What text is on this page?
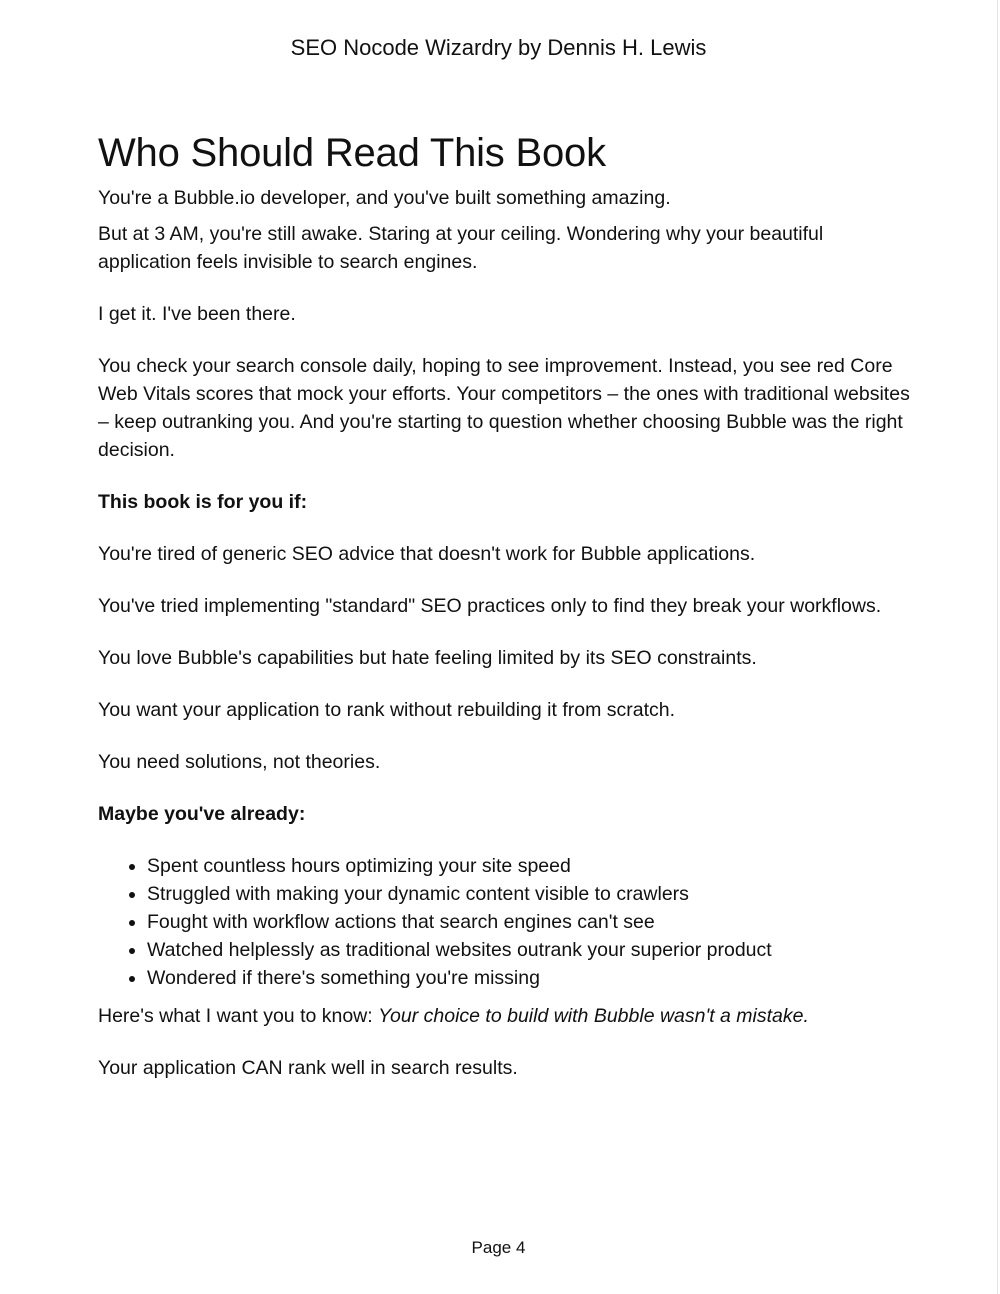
SEO Nocode Wizardry by Dennis H. Lewis
Who Should Read This Book

You're a Bubble.io developer, and you've built something amazing.

But at 3 AM, you're still awake. Staring at your ceiling. Wondering why your beautiful application feels invisible to search engines.

I get it. I've been there.

You check your search console daily, hoping to see improvement. Instead, you see red Core Web Vitals scores that mock your efforts. Your competitors – the ones with traditional websites – keep outranking you. And you're starting to question whether choosing Bubble was the right decision.

This book is for you if:

You're tired of generic SEO advice that doesn't work for Bubble applications.

You've tried implementing "standard" SEO practices only to find they break your workflows.

You love Bubble's capabilities but hate feeling limited by its SEO constraints.

You want your application to rank without rebuilding it from scratch.

You need solutions, not theories.

Maybe you've already:

• Spent countless hours optimizing your site speed
• Struggled with making your dynamic content visible to crawlers
• Fought with workflow actions that search engines can't see
• Watched helplessly as traditional websites outrank your superior product
• Wondered if there's something you're missing

Here's what I want you to know: Your choice to build with Bubble wasn't a mistake.

Your application CAN rank well in search results.

Page 4
